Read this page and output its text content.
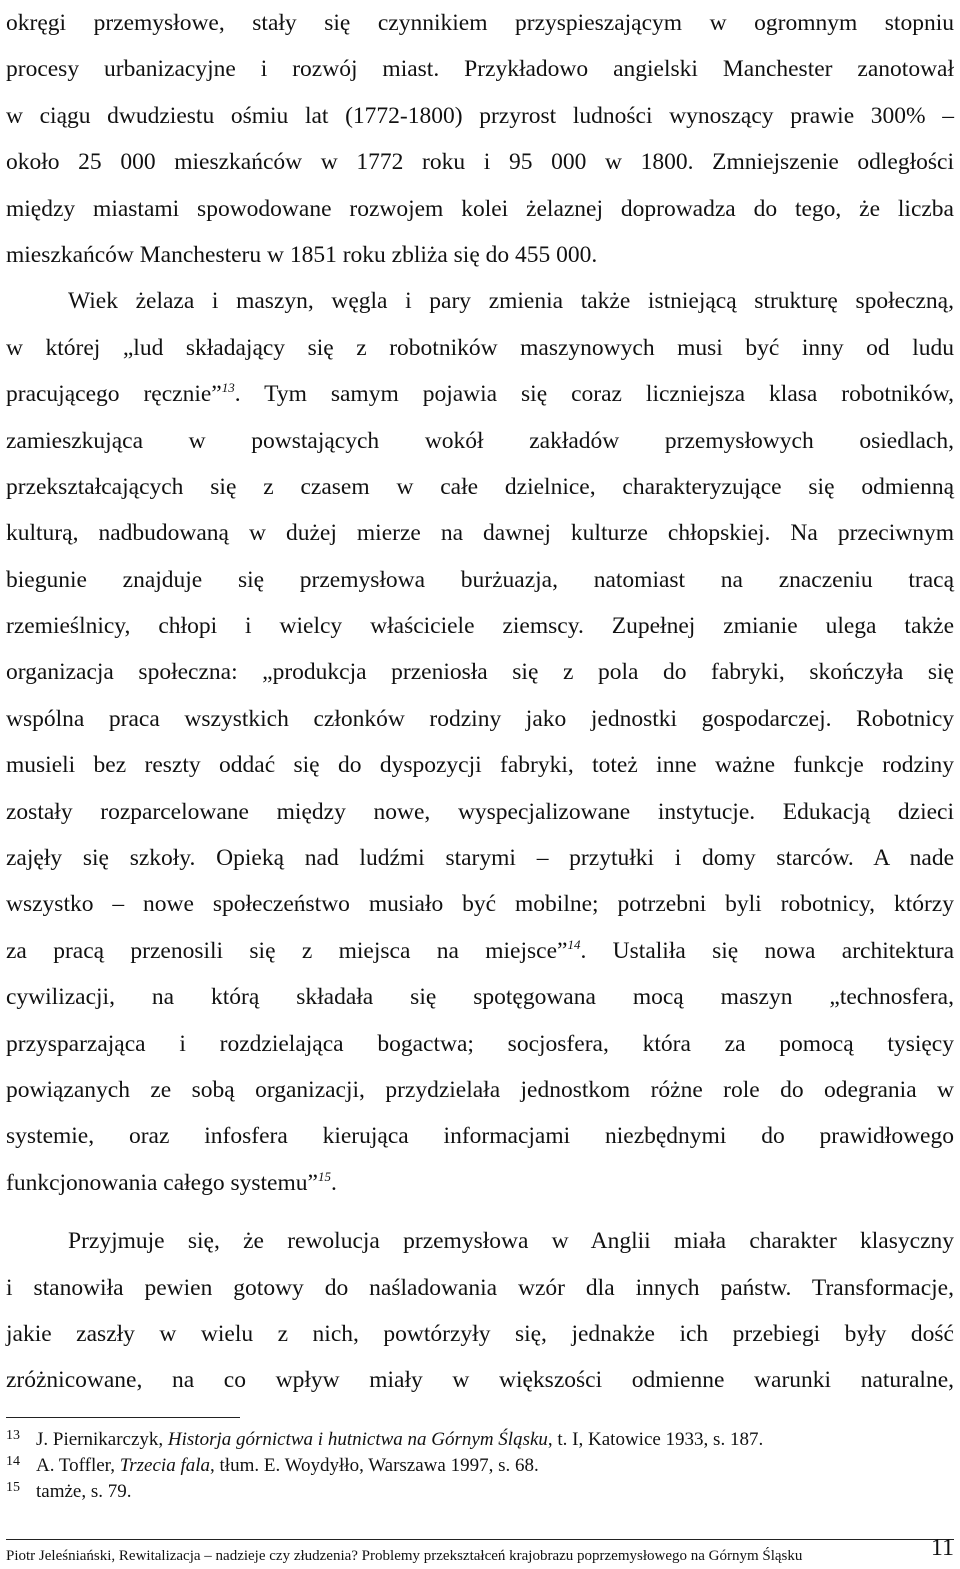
okręgi przemysłowe, stały się czynnikiem przyspieszającym w ogromnym stopniu
procesy urbanizacyjne i rozwój miast. Przykładowo angielski Manchester zanotował
w ciągu dwudziestu ośmiu lat (1772-1800) przyrost ludności wynoszący prawie 300% –
około 25 000 mieszkańców w 1772 roku i 95 000 w 1800. Zmniejszenie odległości
między miastami spowodowane rozwojem kolei żelaznej doprowadza do tego, że liczba
mieszkańców Manchesteru w 1851 roku zbliża się do 455 000.
Wiek żelaza i maszyn, węgla i pary zmienia także istniejącą strukturę społeczną,
w której „lud składający się z robotników maszynowych musi być inny od ludu
pracującego ręcznie”$^{13}$. Tym samym pojawia się coraz liczniejsza klasa robotników,
zamieszkująca w powstających wokół zakładów przemysłowych osiedlach,
przekształcających się z czasem w całe dzielnice, charakteryzujące się odmienną
kulturą, nadbudowaną w dużej mierze na dawnej kulturze chłopskiej. Na przeciwnym
biegunie znajduje się przemysłowa burżuazja, natomiast na znaczeniu tracą
rzemieślnicy, chłopi i wielcy właściciele ziemscy. Zupełnej zmianie ulega także
organizacja społeczna: „produkcja przeniosła się z pola do fabryki, skończyła się
wspólna praca wszystkich członków rodziny jako jednostki gospodarczej. Robotnicy
musieli bez reszty oddać się do dyspozycji fabryki, toteż inne ważne funkcje rodziny
zostały rozparcelowane między nowe, wyspecjalizowane instytucje. Edukacją dzieci
zajęły się szkoły. Opieką nad ludźmi starymi – przytułki i domy starców. A nade
wszystko – nowe społeczeństwo musiało być mobilne; potrzebni byli robotnicy, którzy
za pracą przenosili się z miejsca na miejsce”$^{14}$. Ustaliła się nowa architektura
cywilizacji, na którą składała się spotęgowana mocą maszyn „technosfera,
przysparzająca i rozdzielająca bogactwa; socjosfera, która za pomocą tysięcy
powiązanych ze sobą organizacji, przydzielała jednostkom różne role do odegrania w
systemie, oraz infosfera kierująca informacjami niezbędnymi do prawidłowego
funkcjonowania całego systemu”$^{15}$.
Przyjmuje się, że rewolucja przemysłowa w Anglii miała charakter klasyczny
i stanowiła pewien gotowy do naśladowania wzór dla innych państw. Transformacje,
jakie zaszły w wielu z nich, powtórzyły się, jednakże ich przebiegi były dość
zróżnicowane, na co wpływ miały w większości odmienne warunki naturalne,
13 J. Piernikarczyk, Historja górnictwa i hutnictwa na Górnym Śląsku, t. I, Katowice 1933, s. 187.
14 A. Toffler, Trzecia fala, tłum. E. Woydyłło, Warszawa 1997, s. 68.
15 tamże, s. 79.
Piotr Jeleśniański, Rewitalizacja – nadzieje czy złudzenia? Problemy przekształceń krajobrazu poprzemysłowego na Górnym Śląsku	11
